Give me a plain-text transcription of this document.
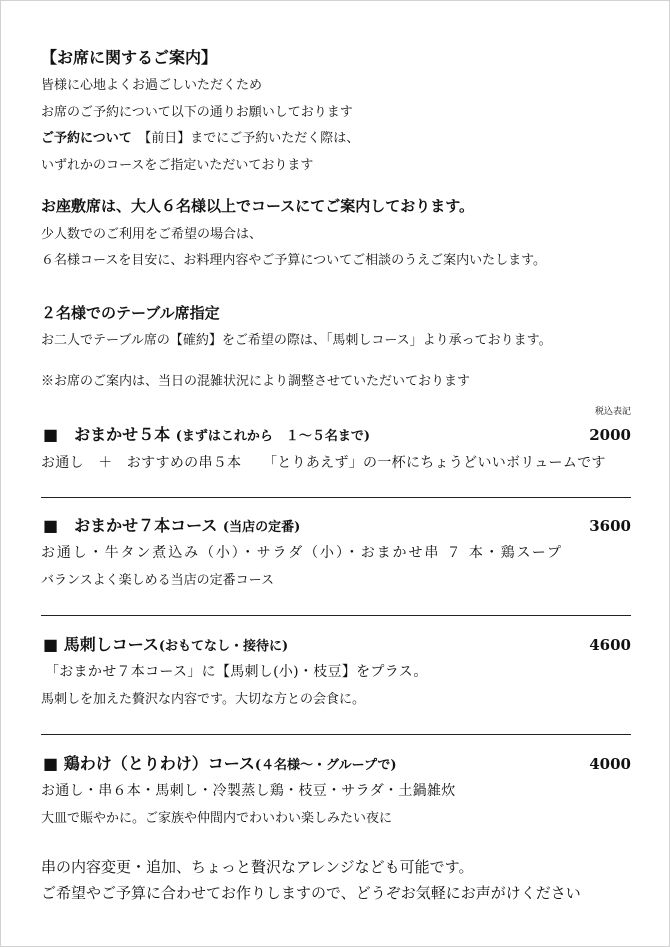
【お席に関するご案内】
皆様に心地よくお過ごしいただくため
お席のご予約について以下の通りお願いしております
ご予約について　 【前日】までにご予約いただく際は、
いずれかのコースをご指定いただいております
お座敷席は、大人６名様以上でコースにてご案内しております。
少人数でのご利用をご希望の場合は、
６名様コースを目安に、お料理内容やご予算についてご相談のうえご案内いたします。
２名様でのテーブル席指定
お二人でテーブル席の【確約】をご希望の際は、「馬刺しコース」より承っております。
※お席のご案内は、当日の混雑状況により調整させていただいております
税込表記
■　 おまかせ５本 (まずはこれから　１〜５名まで)	2000
お通し　＋　おすすめの串５本　　「とりあえず」の一杯にちょうどいいボリュームです
■　 おまかせ７本コース (当店の定番)	3600
お通し・牛タン煮込み（小）・サラダ（小）・おまかせ串 ７ 本・鶏スープ
バランスよく楽しめる当店の定番コース
■ 馬刺しコース(おもてなし・接待に)	4600
「おまかせ７本コース」に【馬刺し(小)・枝豆】をプラス。
馬刺しを加えた贅沢な内容です。大切な方との会食に。
■ 鶏わけ（とりわけ）コース(４名様〜・グループで)	4000
お通し・串６本・馬刺し・冷製蒸し鶏・枝豆・サラダ・土鍋雑炊
大皿で賑やかに。ご家族や仲間内でわいわい楽しみたい夜に
串の内容変更・追加、ちょっと贅沢なアレンジなども可能です。
ご希望やご予算に合わせてお作りしますので、どうぞお気軽にお声がけください
